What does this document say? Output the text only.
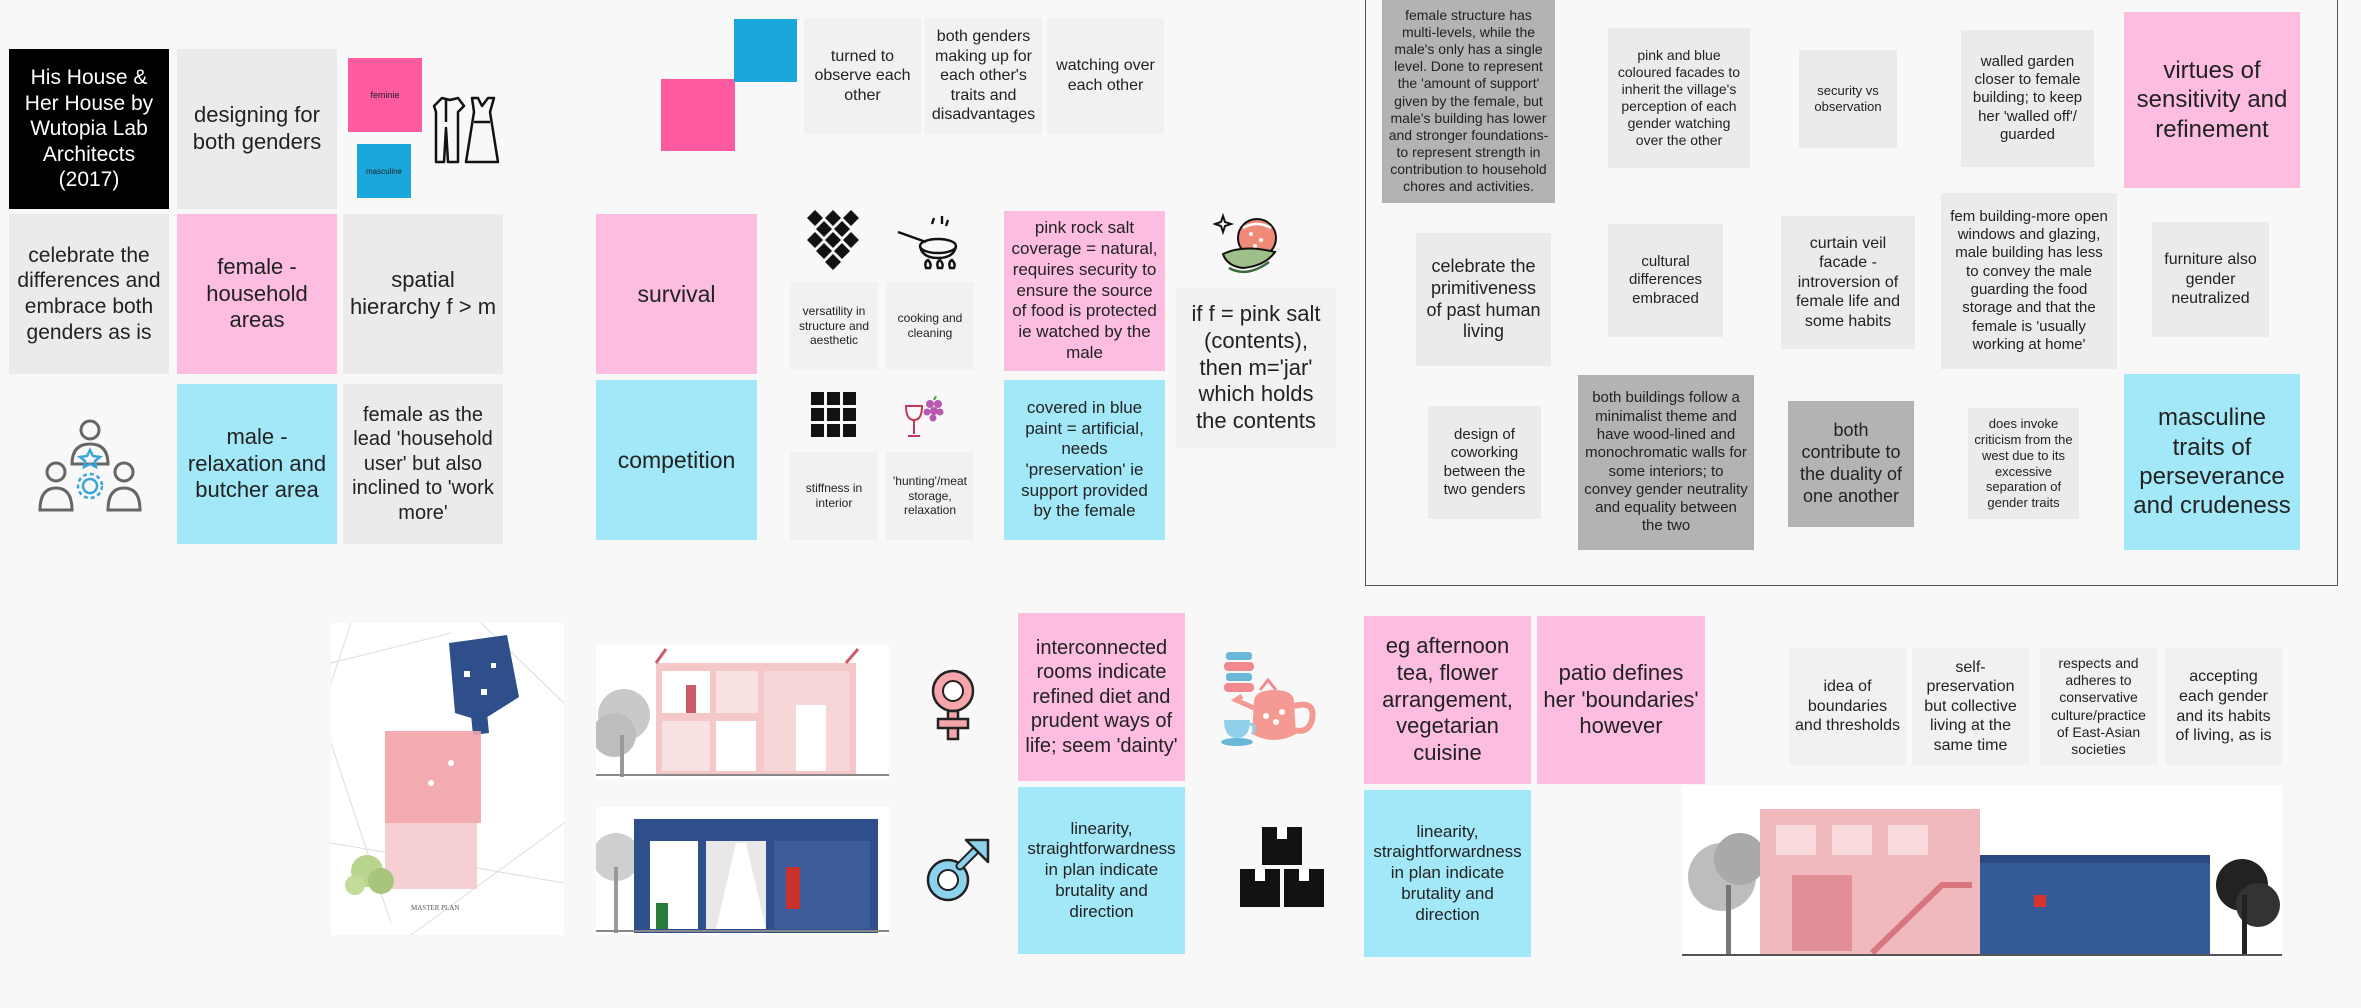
His House & Her House by Wutopia Lab Architects (2017)
designing for both genders
feminie
masculine
celebrate the differences and embrace both genders as is
female - household areas
spatial hierarchy f > m
male - relaxation and butcher area
female as the lead 'household user' but also inclined to 'work more'
turned to observe each other
both genders making up for each other's traits and disadvantages
watching over each other
survival
competition
versatility in structure and aesthetic
cooking and cleaning
stiffness in interior
'hunting'/meat storage, relaxation
pink rock salt coverage = natural, requires security to ensure the source of food is protected ie watched by the male
covered in blue paint = artificial, needs 'preservation' ie support provided by the female
if f = pink salt (contents), then m='jar' which holds the contents
female structure has multi-levels, while the male's only has a single level. Done to represent the 'amount of support' given by the female, but male's building has lower and stronger foundations- to represent strength in contribution to household chores and activities.
pink and blue coloured facades to inherit the village's perception of each gender watching over the other
security vs observation
walled garden closer to female building; to keep her 'walled off'/ guarded
virtues of sensitivity and refinement
celebrate the primitiveness of past human living
cultural differences embraced
curtain veil facade - introversion of female life and some habits
fem building-more open windows and glazing, male building has less to convey the male guarding the food storage and that the female is 'usually working at home'
furniture also gender neutralized
design of coworking between the two genders
both buildings follow a minimalist theme and have wood-lined and monochromatic walls for some interiors; to convey gender neutrality and equality between the two
both contribute to the duality of one another
does invoke criticism from the west due to its excessive separation of gender traits
masculine traits of perseverance and crudeness
MASTER PLAN
interconnected rooms indicate refined diet and prudent ways of life; seem 'dainty'
linearity, straightforwardness in plan indicate brutality and direction
eg afternoon tea, flower arrangement, vegetarian cuisine
patio defines her 'boundaries' however
linearity, straightforwardness in plan indicate brutality and direction
idea of boundaries and thresholds
self-preservation but collective living at the same time
respects and adheres to conservative culture/practice of East-Asian societies
accepting each gender and its habits of living, as is
